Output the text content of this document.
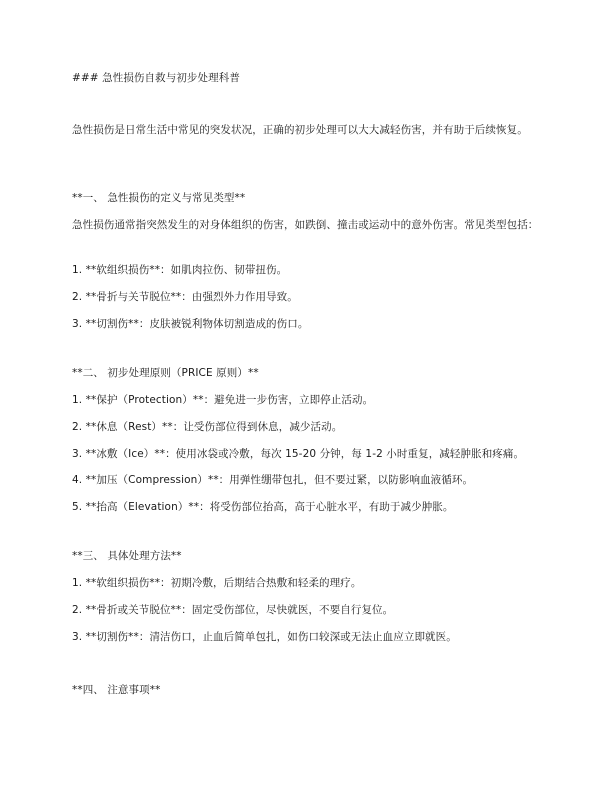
### 急性损伤自救与初步处理科普
急性损伤是日常生活中常见的突发状况，正确的初步处理可以大大减轻伤害，并有助于后续恢复。
**一、 急性损伤的定义与常见类型**
急性损伤通常指突然发生的对身体组织的伤害，如跌倒、撞击或运动中的意外伤害。常见类型包括：
1. **软组织损伤**：如肌肉拉伤、韧带扭伤。
2. **骨折与关节脱位**：由强烈外力作用导致。
3. **切割伤**：皮肤被锐利物体切割造成的伤口。
**二、 初步处理原则（PRICE 原则）**
1. **保护（Protection）**：避免进一步伤害，立即停止活动。
2. **休息（Rest）**：让受伤部位得到休息，减少活动。
3. **冰敷（Ice）**：使用冰袋或冷敷，每次 15-20 分钟，每 1-2 小时重复，减轻肿胀和疼痛。
4. **加压（Compression）**：用弹性绷带包扎，但不要过紧，以防影响血液循环。
5. **抬高（Elevation）**：将受伤部位抬高，高于心脏水平，有助于减少肿胀。
**三、 具体处理方法**
1. **软组织损伤**：初期冷敷，后期结合热敷和轻柔的理疗。
2. **骨折或关节脱位**：固定受伤部位，尽快就医，不要自行复位。
3. **切割伤**：清洁伤口，止血后简单包扎，如伤口较深或无法止血应立即就医。
**四、 注意事项**
